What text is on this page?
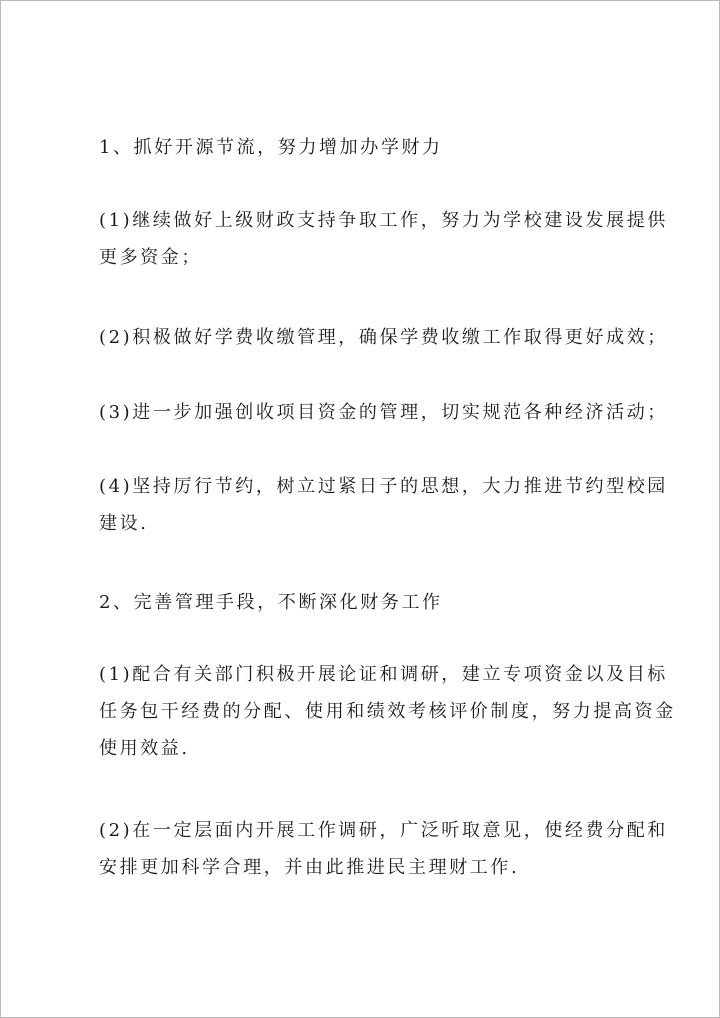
1、抓好开源节流，努力增加办学财力

(1)继续做好上级财政支持争取工作，努力为学校建设发展提供
更多资金；

(2)积极做好学费收缴管理，确保学费收缴工作取得更好成效；

(3)进一步加强创收项目资金的管理，切实规范各种经济活动；

(4)坚持厉行节约，树立过紧日子的思想，大力推进节约型校园
建设.

2、完善管理手段，不断深化财务工作

(1)配合有关部门积极开展论证和调研，建立专项资金以及目标
任务包干经费的分配、使用和绩效考核评价制度，努力提高资金
使用效益.

(2)在一定层面内开展工作调研，广泛听取意见，使经费分配和
安排更加科学合理，并由此推进民主理财工作.
